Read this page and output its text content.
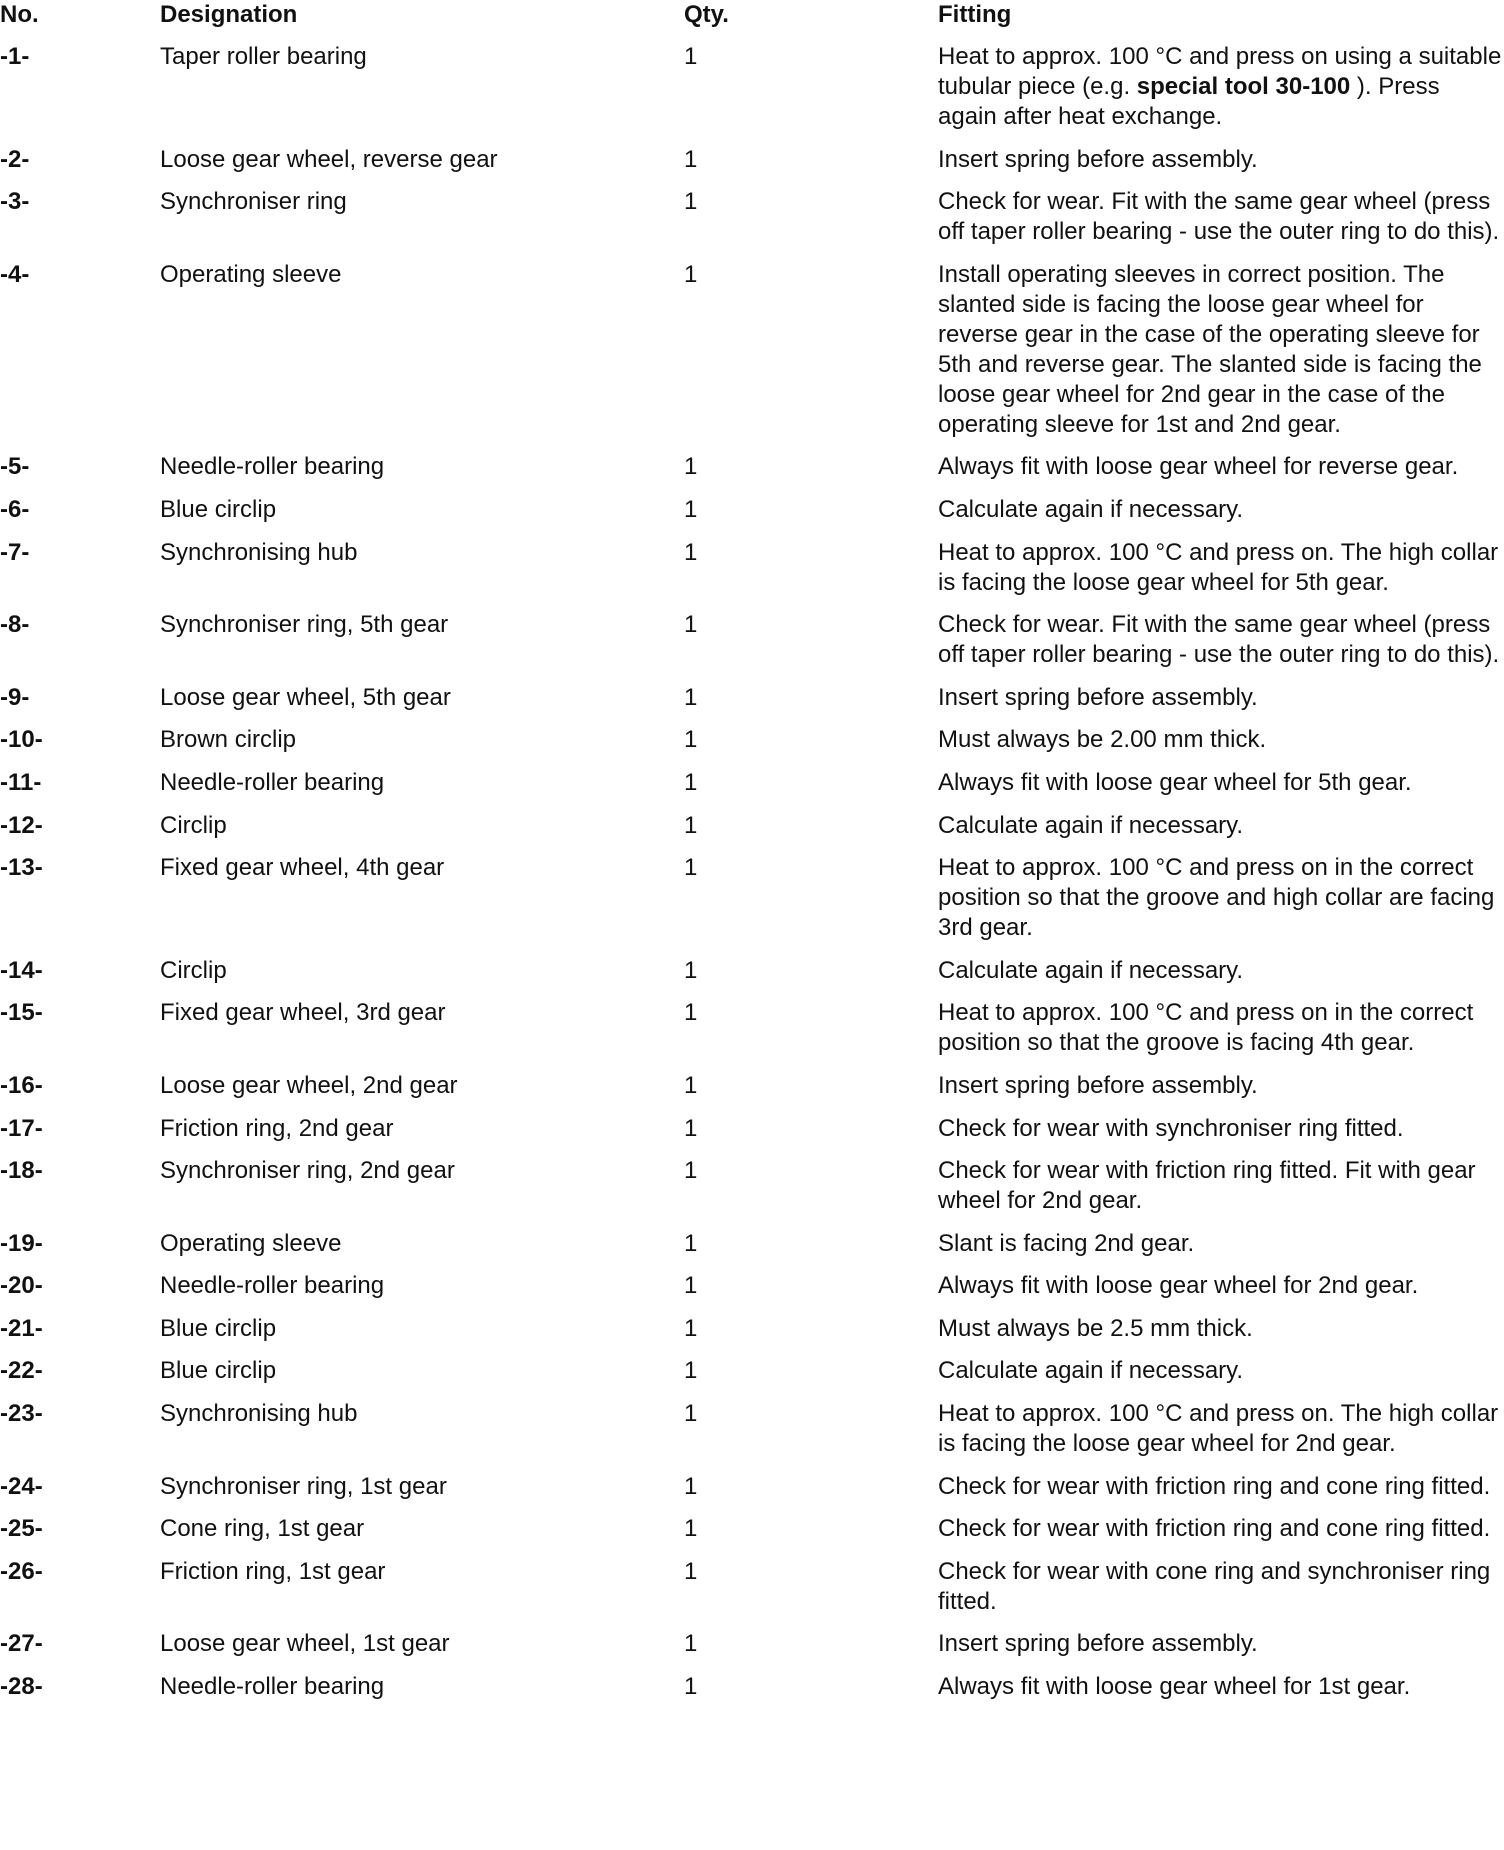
No.	Designation	Qty.	Fitting
-1-	Taper roller bearing	1	Heat to approx. 100 °C and press on using a suitable tubular piece (e.g. special tool 30-100 ). Press again after heat exchange.
-2-	Loose gear wheel, reverse gear	1	Insert spring before assembly.
-3-	Synchroniser ring	1	Check for wear. Fit with the same gear wheel (press off taper roller bearing - use the outer ring to do this).
-4-	Operating sleeve	1	Install operating sleeves in correct position. The slanted side is facing the loose gear wheel for reverse gear in the case of the operating sleeve for 5th and reverse gear. The slanted side is facing the loose gear wheel for 2nd gear in the case of the operating sleeve for 1st and 2nd gear.
-5-	Needle-roller bearing	1	Always fit with loose gear wheel for reverse gear.
-6-	Blue circlip	1	Calculate again if necessary.
-7-	Synchronising hub	1	Heat to approx. 100 °C and press on. The high collar is facing the loose gear wheel for 5th gear.
-8-	Synchroniser ring, 5th gear	1	Check for wear. Fit with the same gear wheel (press off taper roller bearing - use the outer ring to do this).
-9-	Loose gear wheel, 5th gear	1	Insert spring before assembly.
-10-	Brown circlip	1	Must always be 2.00 mm thick.
-11-	Needle-roller bearing	1	Always fit with loose gear wheel for 5th gear.
-12-	Circlip	1	Calculate again if necessary.
-13-	Fixed gear wheel, 4th gear	1	Heat to approx. 100 °C and press on in the correct position so that the groove and high collar are facing 3rd gear.
-14-	Circlip	1	Calculate again if necessary.
-15-	Fixed gear wheel, 3rd gear	1	Heat to approx. 100 °C and press on in the correct position so that the groove is facing 4th gear.
-16-	Loose gear wheel, 2nd gear	1	Insert spring before assembly.
-17-	Friction ring, 2nd gear	1	Check for wear with synchroniser ring fitted.
-18-	Synchroniser ring, 2nd gear	1	Check for wear with friction ring fitted. Fit with gear wheel for 2nd gear.
-19-	Operating sleeve	1	Slant is facing 2nd gear.
-20-	Needle-roller bearing	1	Always fit with loose gear wheel for 2nd gear.
-21-	Blue circlip	1	Must always be 2.5 mm thick.
-22-	Blue circlip	1	Calculate again if necessary.
-23-	Synchronising hub	1	Heat to approx. 100 °C and press on. The high collar is facing the loose gear wheel for 2nd gear.
-24-	Synchroniser ring, 1st gear	1	Check for wear with friction ring and cone ring fitted.
-25-	Cone ring, 1st gear	1	Check for wear with friction ring and cone ring fitted.
-26-	Friction ring, 1st gear	1	Check for wear with cone ring and synchroniser ring fitted.
-27-	Loose gear wheel, 1st gear	1	Insert spring before assembly.
-28-	Needle-roller bearing	1	Always fit with loose gear wheel for 1st gear.
